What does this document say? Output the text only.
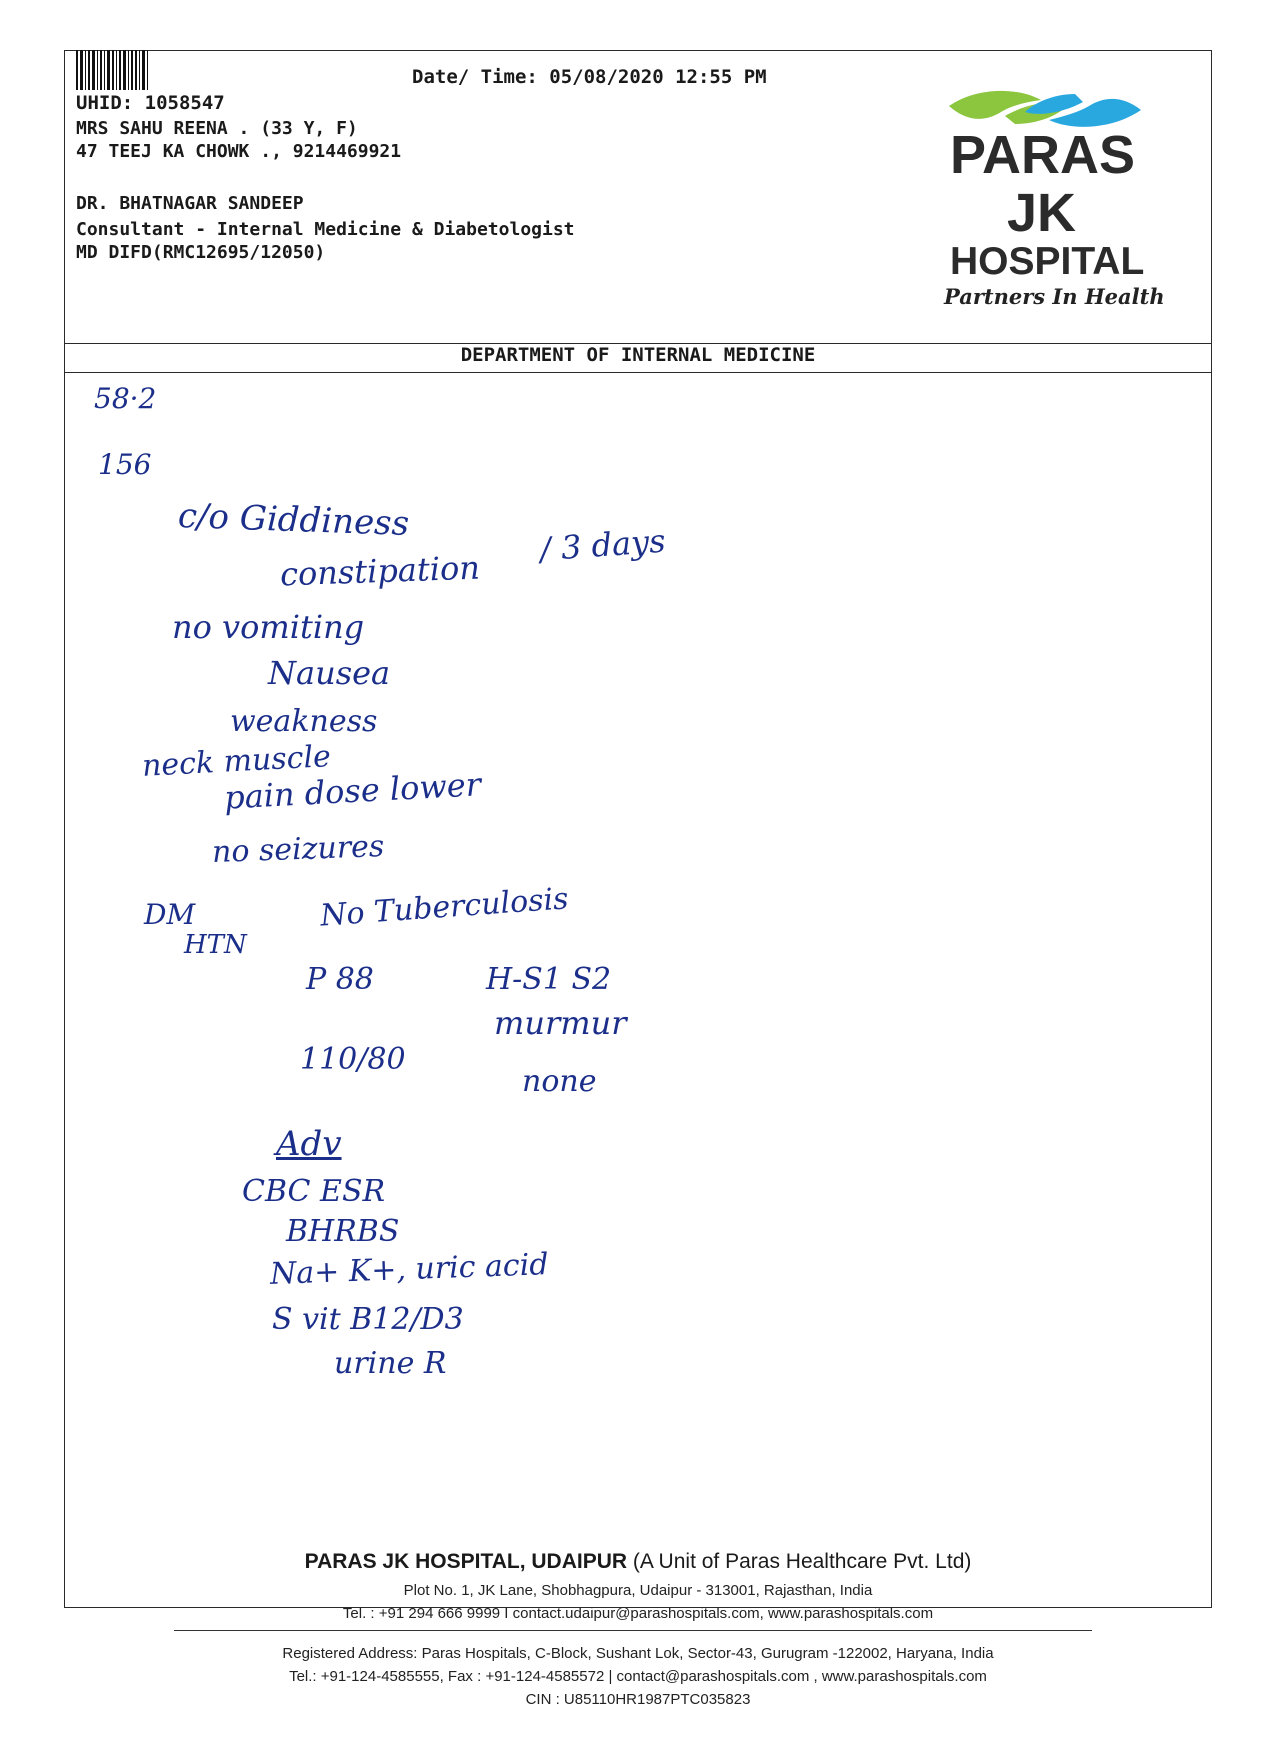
Date/ Time: 05/08/2020 12:55 PM
UHID: 1058547
MRS SAHU REENA . (33 Y, F)
47 TEEJ KA CHOWK ., 9214469921
DR. BHATNAGAR SANDEEP
Consultant - Internal Medicine & Diabetologist
MD DIFD(RMC12695/12050)
PARAS
JK
HOSPITAL
Partners In Health
DEPARTMENT OF INTERNAL MEDICINE
58·2
156
c/o Giddiness
constipation
/ 3 days
no vomiting
Nausea
weakness
neck muscle
pain dose lower
no seizures
DM
HTN
No Tuberculosis
P 88
110/80
H-S1 S2
murmur
none
Adv
CBC ESR
BHRBS
Na+ K+, uric acid
S vit B12/D3
urine R
PARAS JK HOSPITAL, UDAIPUR (A Unit of Paras Healthcare Pvt. Ltd)
Plot No. 1, JK Lane, Shobhagpura, Udaipur - 313001, Rajasthan, India
Tel. : +91 294 666 9999 I contact.udaipur@parashospitals.com, www.parashospitals.com
Registered Address: Paras Hospitals, C-Block, Sushant Lok, Sector-43, Gurugram -122002, Haryana, India
Tel.: +91-124-4585555, Fax : +91-124-4585572 | contact@parashospitals.com , www.parashospitals.com
CIN : U85110HR1987PTC035823
